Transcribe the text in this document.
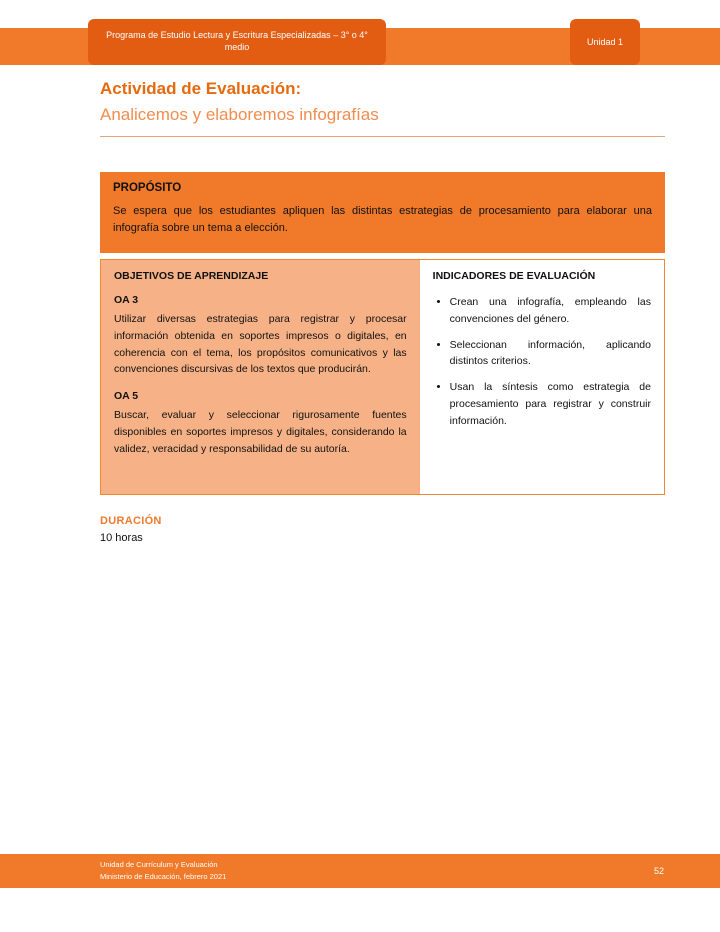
Programa de Estudio Lectura y Escritura Especializadas – 3° o 4° medio	Unidad 1
Actividad de Evaluación:
Analicemos y elaboremos infografías
PROPÓSITO

Se espera que los estudiantes apliquen las distintas estrategias de procesamiento para elaborar una infografía sobre un tema a elección.

OBJETIVOS DE APRENDIZAJE
OA 3

Utilizar diversas estrategias para registrar y procesar información obtenida en soportes impresos o digitales, en coherencia con el tema, los propósitos comunicativos y las convenciones discursivas de los textos que producirán.

OA 5

Buscar, evaluar y seleccionar rigurosamente fuentes disponibles en soportes impresos y digitales, considerando la validez, veracidad y responsabilidad de su autoría.

INDICADORES DE EVALUACIÓN
• Crean una infografía, empleando las convenciones del género.
• Seleccionan información, aplicando distintos criterios.
• Usan la síntesis como estrategia de procesamiento para registrar y construir información.
DURACIÓN

10 horas

Unidad de Currículum y Evaluación
Ministerio de Educación, febrero 2021
52
